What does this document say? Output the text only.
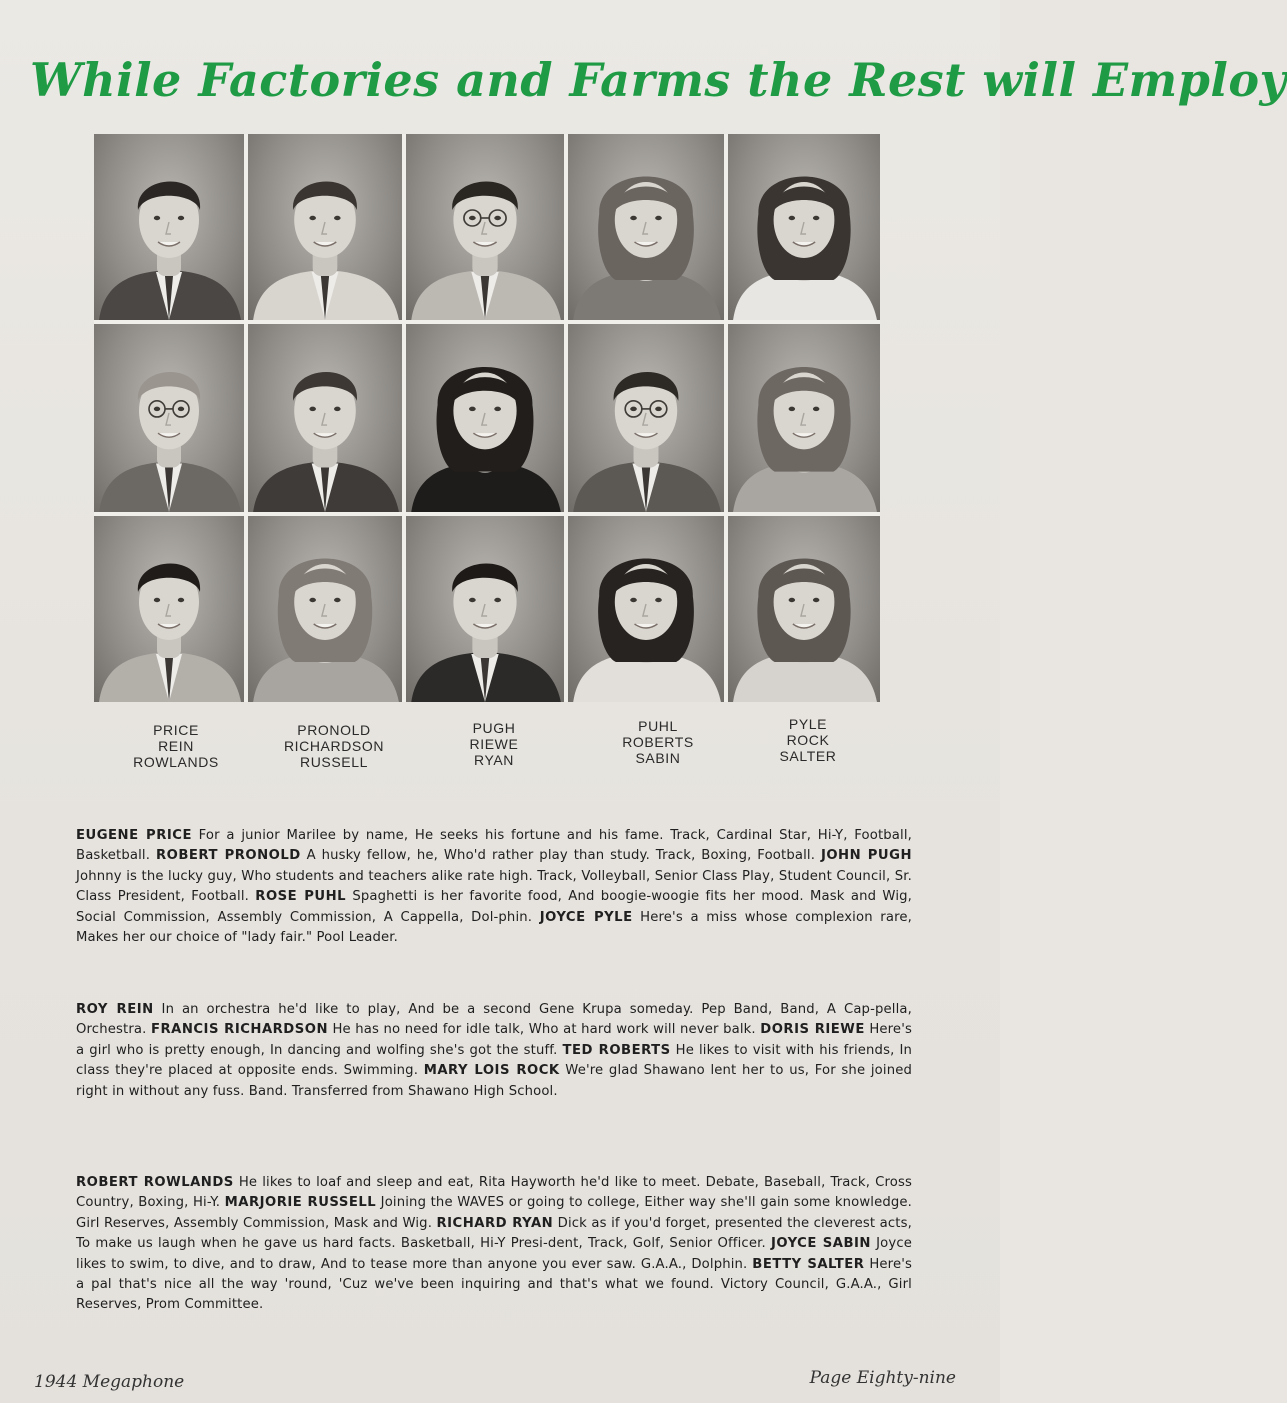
While Factories and Farms the Rest will Employ
PRICE
REIN
ROWLANDS
PRONOLD
RICHARDSON
RUSSELL
PUGH
RIEWE
RYAN
PUHL
ROBERTS
SABIN
PYLE
ROCK
SALTER
EUGENE PRICE For a junior Marilee by name, He seeks his fortune and his fame. Track, Cardinal Star, Hi-Y, Football, Basketball. ROBERT PRONOLD A husky fellow, he, Who'd rather play than study. Track, Boxing, Football. JOHN PUGH Johnny is the lucky guy, Who students and teachers alike rate high. Track, Volleyball, Senior Class Play, Student Council, Sr. Class President, Football. ROSE PUHL Spaghetti is her favorite food, And boogie-woogie fits her mood. Mask and Wig, Social Commission, Assembly Commission, A Cappella, Dol-phin. JOYCE PYLE Here's a miss whose complexion rare, Makes her our choice of "lady fair." Pool Leader.
ROY REIN In an orchestra he'd like to play, And be a second Gene Krupa someday. Pep Band, Band, A Cap-pella, Orchestra. FRANCIS RICHARDSON He has no need for idle talk, Who at hard work will never balk. DORIS RIEWE Here's a girl who is pretty enough, In dancing and wolfing she's got the stuff. TED ROBERTS He likes to visit with his friends, In class they're placed at opposite ends. Swimming. MARY LOIS ROCK We're glad Shawano lent her to us, For she joined right in without any fuss. Band. Transferred from Shawano High School.
ROBERT ROWLANDS He likes to loaf and sleep and eat, Rita Hayworth he'd like to meet. Debate, Baseball, Track, Cross Country, Boxing, Hi-Y. MARJORIE RUSSELL Joining the WAVES or going to college, Either way she'll gain some knowledge. Girl Reserves, Assembly Commission, Mask and Wig. RICHARD RYAN Dick as if you'd forget, presented the cleverest acts, To make us laugh when he gave us hard facts. Basketball, Hi-Y Presi-dent, Track, Golf, Senior Officer. JOYCE SABIN Joyce likes to swim, to dive, and to draw, And to tease more than anyone you ever saw. G.A.A., Dolphin. BETTY SALTER Here's a pal that's nice all the way 'round, 'Cuz we've been inquiring and that's what we found. Victory Council, G.A.A., Girl Reserves, Prom Committee.
1944 Megaphone	Page Eighty-nine
